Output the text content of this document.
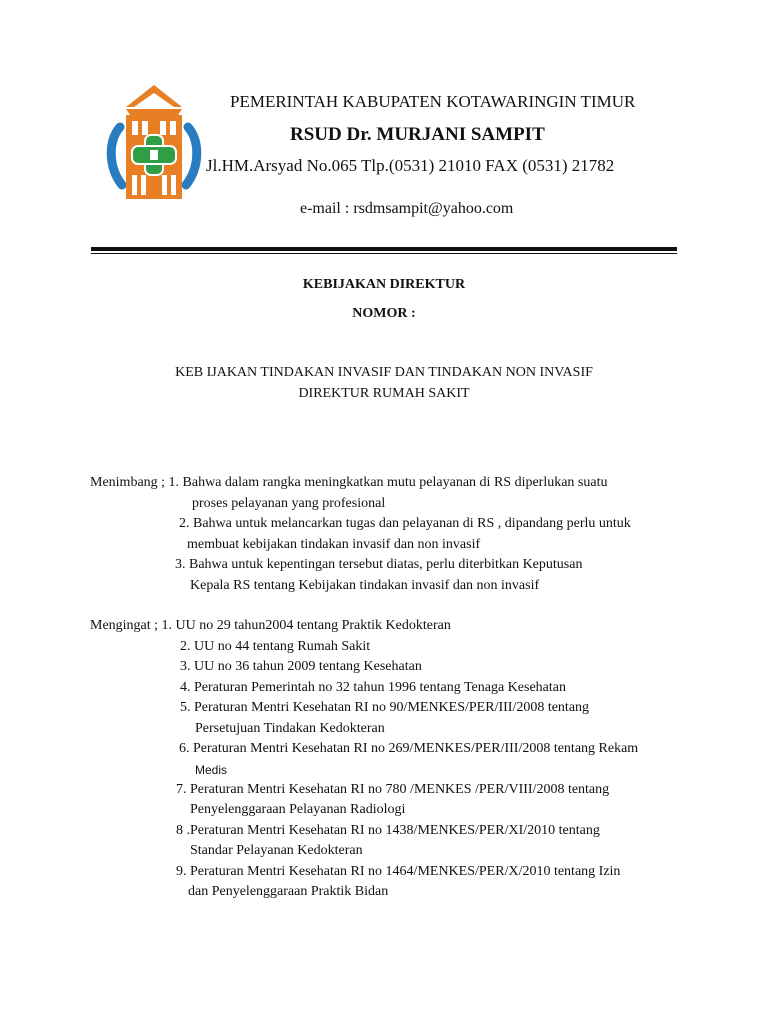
PEMERINTAH KABUPATEN KOTAWARINGIN TIMUR
RSUD Dr. MURJANI SAMPIT
Jl.HM.Arsyad No.065 Tlp.(0531) 21010 FAX (0531) 21782
e-mail : rsdmsampit@yahoo.com
KEBIJAKAN DIREKTUR
NOMOR :
KEB IJAKAN TINDAKAN INVASIF DAN TINDAKAN NON INVASIF
DIREKTUR RUMAH SAKIT
Menimbang ; 1. Bahwa dalam rangka meningkatkan mutu pelayanan di RS diperlukan suatu
proses pelayanan yang profesional
2. Bahwa untuk melancarkan tugas dan pelayanan di RS , dipandang perlu untuk
membuat kebijakan tindakan invasif dan non invasif
3. Bahwa untuk kepentingan tersebut diatas, perlu diterbitkan Keputusan
Kepala RS tentang Kebijakan tindakan invasif dan non invasif
Mengingat ; 1. UU no 29 tahun2004 tentang Praktik Kedokteran
2. UU no 44 tentang Rumah Sakit
3. UU no 36 tahun 2009 tentang Kesehatan
4. Peraturan Pemerintah no 32 tahun 1996 tentang Tenaga Kesehatan
5. Peraturan Mentri Kesehatan RI no 90/MENKES/PER/III/2008 tentang
Persetujuan Tindakan Kedokteran
6. Peraturan Mentri Kesehatan RI no 269/MENKES/PER/III/2008 tentang Rekam
Medis
7. Peraturan Mentri Kesehatan RI no 780 /MENKES /PER/VIII/2008 tentang
Penyelenggaraan Pelayanan Radiologi
8 .Peraturan Mentri Kesehatan RI no 1438/MENKES/PER/XI/2010 tentang
Standar Pelayanan Kedokteran
9. Peraturan Mentri Kesehatan RI no 1464/MENKES/PER/X/2010 tentang Izin
dan Penyelenggaraan Praktik Bidan
